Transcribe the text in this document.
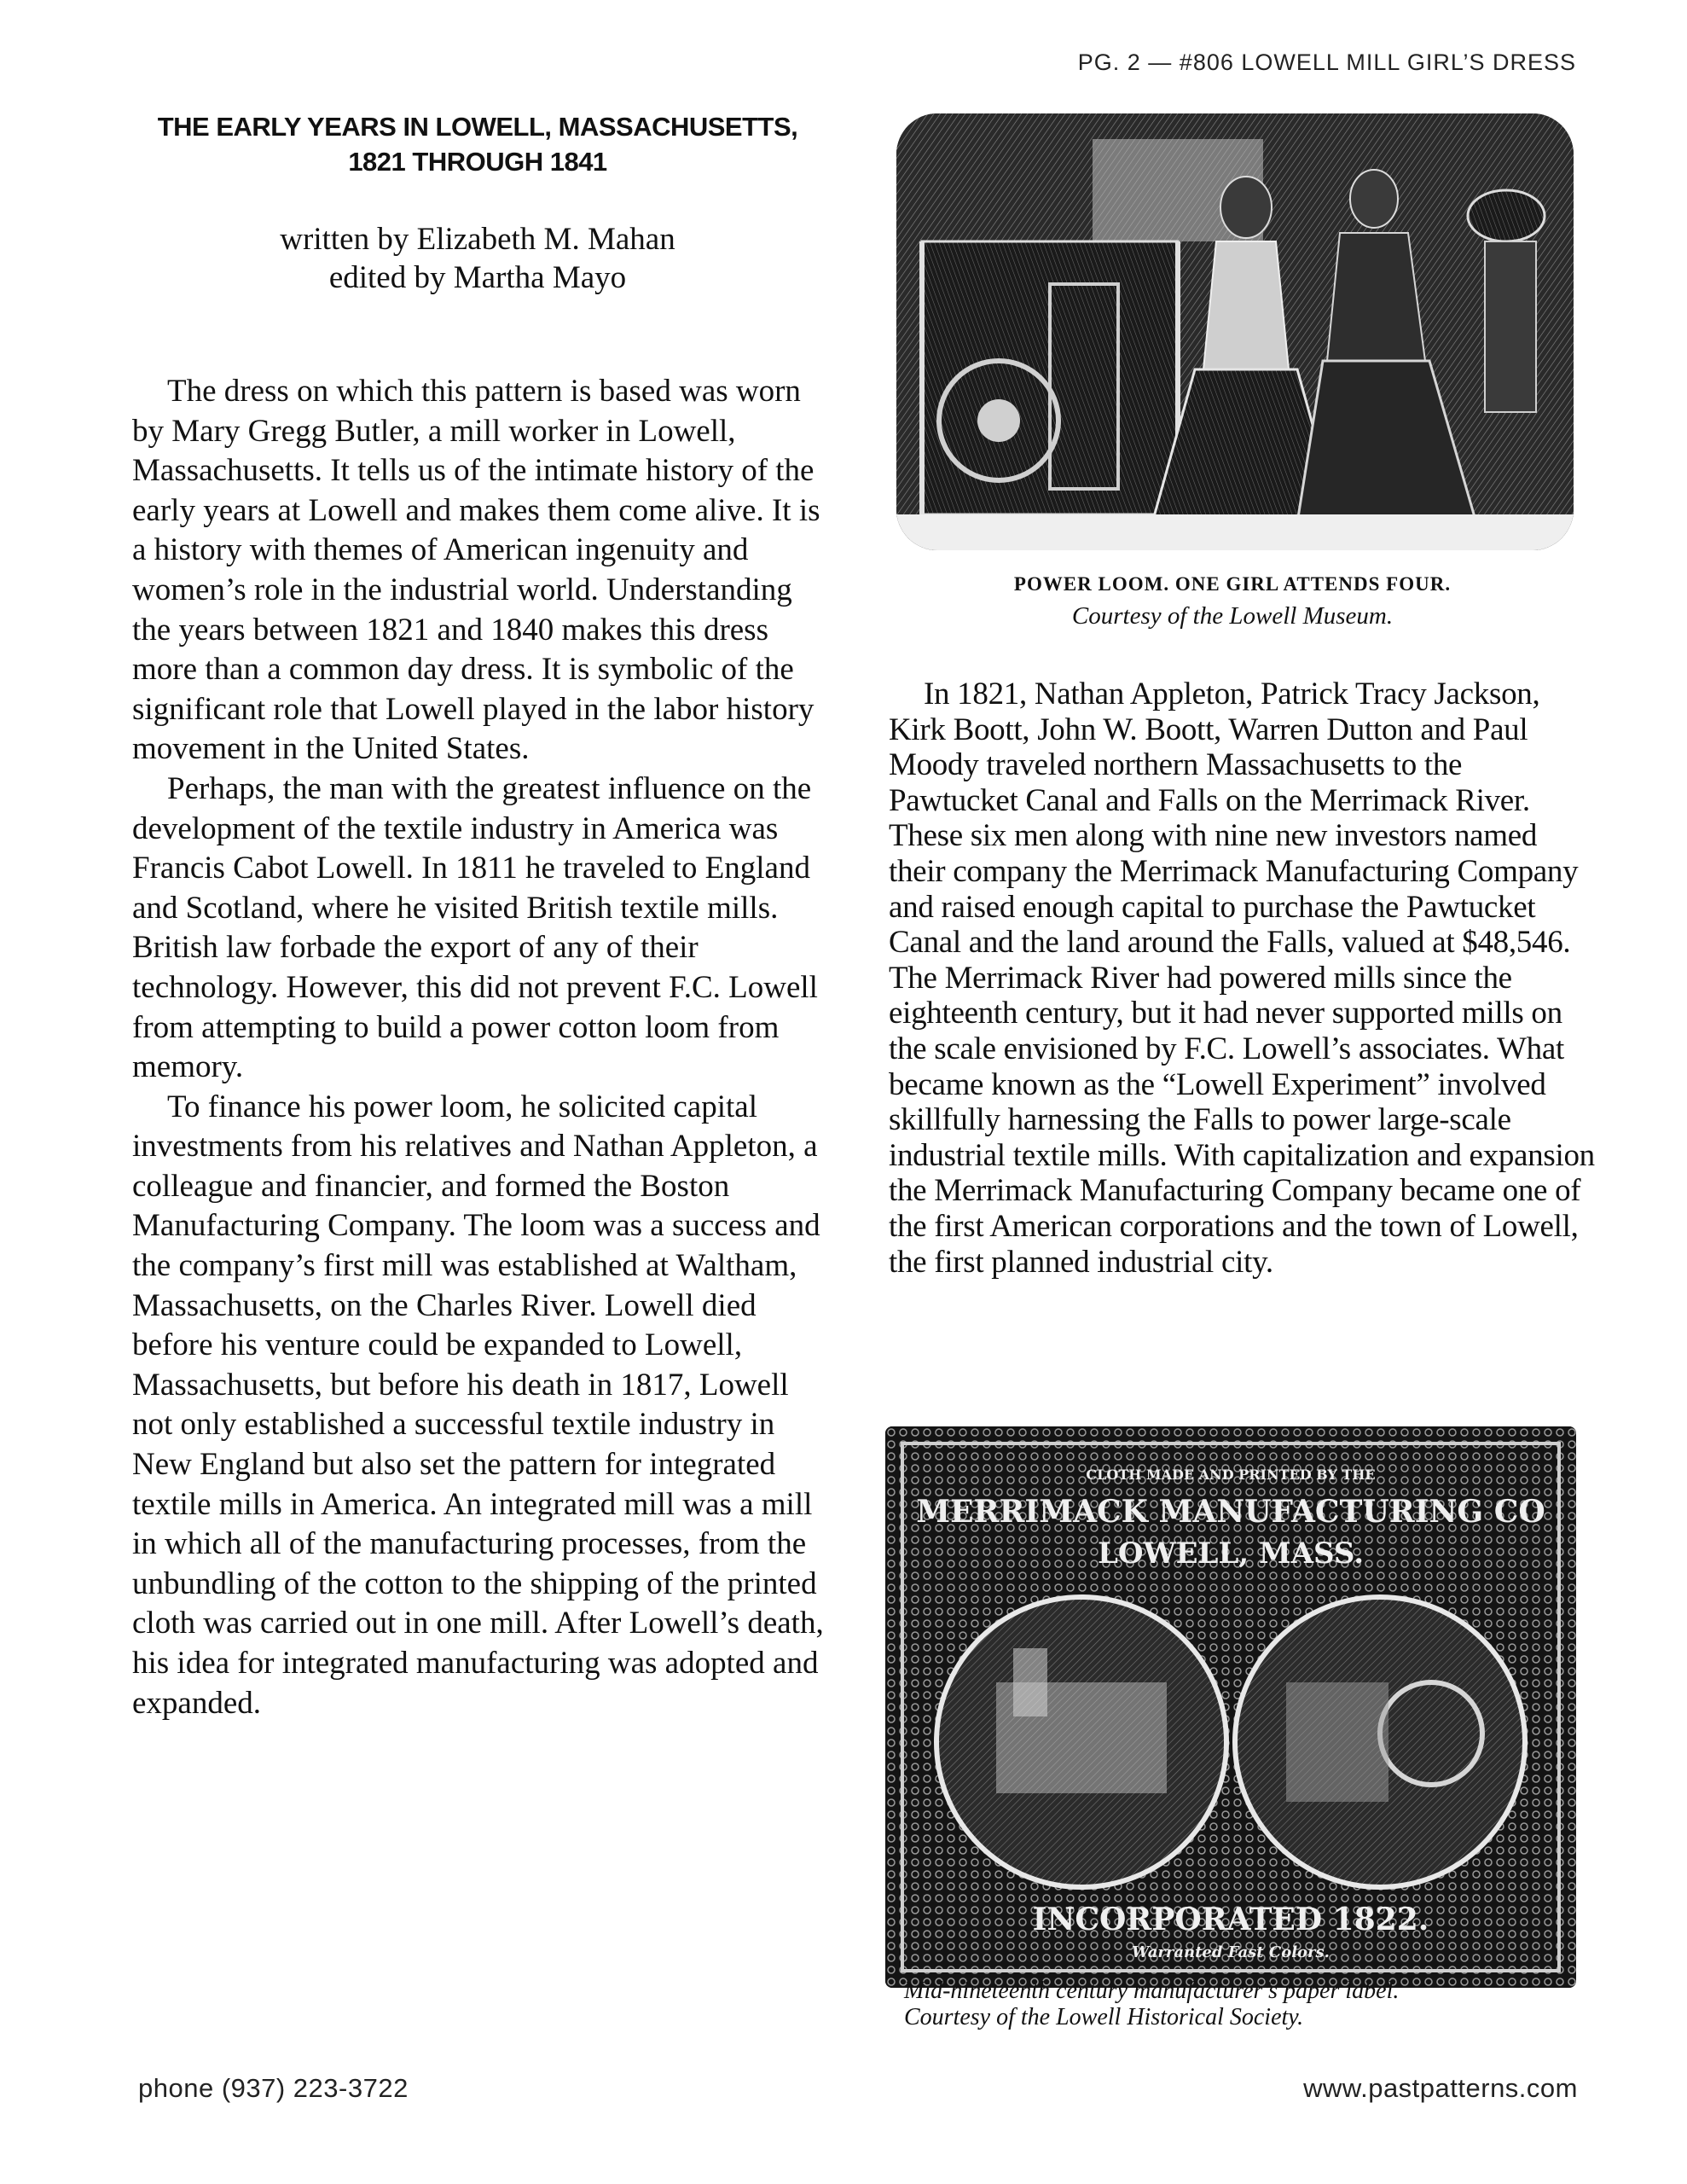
PG. 2 — #806 LOWELL MILL GIRL’S DRESS
THE EARLY YEARS IN LOWELL, MASSACHUSETTS,
1821 THROUGH 1841
written by Elizabeth M. Mahan
edited by Martha Mayo

The dress on which this pattern is based was worn by Mary Gregg Butler, a mill worker in Lowell, Massachusetts. It tells us of the intimate history of the early years at Lowell and makes them come alive. It is a history with themes of American ingenuity and women’s role in the industrial world. Understanding the years between 1821 and 1840 makes this dress more than a common day dress. It is symbolic of the significant role that Lowell played in the labor history movement in the United States.

Perhaps, the man with the greatest influence on the development of the textile industry in America was Francis Cabot Lowell. In 1811 he traveled to England and Scotland, where he visited British textile mills. British law forbade the export of any of their technology. However, this did not prevent F.C. Lowell from attempting to build a power cotton loom from memory.

To finance his power loom, he solicited capital investments from his relatives and Nathan Appleton, a colleague and financier, and formed the Boston Manufacturing Company. The loom was a success and the company’s first mill was established at Waltham, Massachusetts, on the Charles River. Lowell died before his venture could be expanded to Lowell, Massachusetts, but before his death in 1817, Lowell not only established a successful textile industry in New England but also set the pattern for integrated textile mills in America. An integrated mill was a mill in which all of the manufacturing processes, from the unbundling of the cotton to the shipping of the printed cloth was carried out in one mill. After Lowell’s death, his idea for integrated manufacturing was adopted and expanded.

POWER LOOM. ONE GIRL ATTENDS FOUR.
Courtesy of the Lowell Museum.

In 1821, Nathan Appleton, Patrick Tracy Jackson, Kirk Boott, John W. Boott, Warren Dutton and Paul Moody traveled northern Massachusetts to the Pawtucket Canal and Falls on the Merrimack River. These six men along with nine new investors named their company the Merrimack Manufacturing Company and raised enough capital to purchase the Pawtucket Canal and the land around the Falls, valued at $48,546. The Merrimack River had powered mills since the eighteenth century, but it had never supported mills on the scale envisioned by F.C. Lowell’s associates. What became known as the “Lowell Experiment” involved skillfully harnessing the Falls to power large-scale industrial textile mills. With capitalization and expansion the Merrimack Manufacturing Company became one of the first American corporations and the town of Lowell, the first planned industrial city.

CLOTH MADE AND PRINTED BY THE
MERRIMACK MANUFACTURING CO
LOWELL, MASS.
INCORPORATED 1822.
Warranted Fast Colors.
Mid-nineteenth century manufacturer’s paper label.
Courtesy of the Lowell Historical Society.
phone (937) 223-3722	www.pastpatterns.com
